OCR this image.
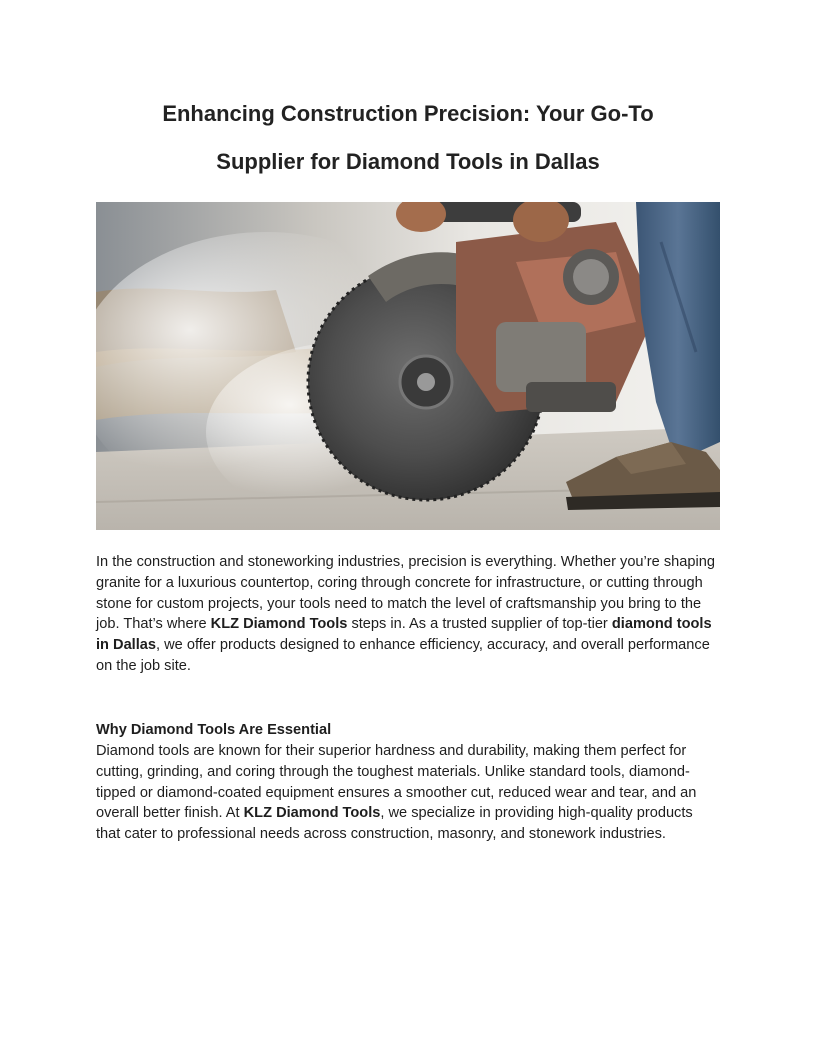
Enhancing Construction Precision: Your Go-To
Supplier for Diamond Tools in Dallas

In the construction and stoneworking industries, precision is everything. Whether you’re shaping granite for a luxurious countertop, coring through concrete for infrastructure, or cutting through stone for custom projects, your tools need to match the level of craftsmanship you bring to the job. That’s where KLZ Diamond Tools steps in. As a trusted supplier of top-tier diamond tools in Dallas, we offer products designed to enhance efficiency, accuracy, and overall performance on the job site.

Why Diamond Tools Are Essential

Diamond tools are known for their superior hardness and durability, making them perfect for cutting, grinding, and coring through the toughest materials. Unlike standard tools, diamond-tipped or diamond-coated equipment ensures a smoother cut, reduced wear and tear, and an overall better finish. At KLZ Diamond Tools, we specialize in providing high-quality products that cater to professional needs across construction, masonry, and stonework industries.
